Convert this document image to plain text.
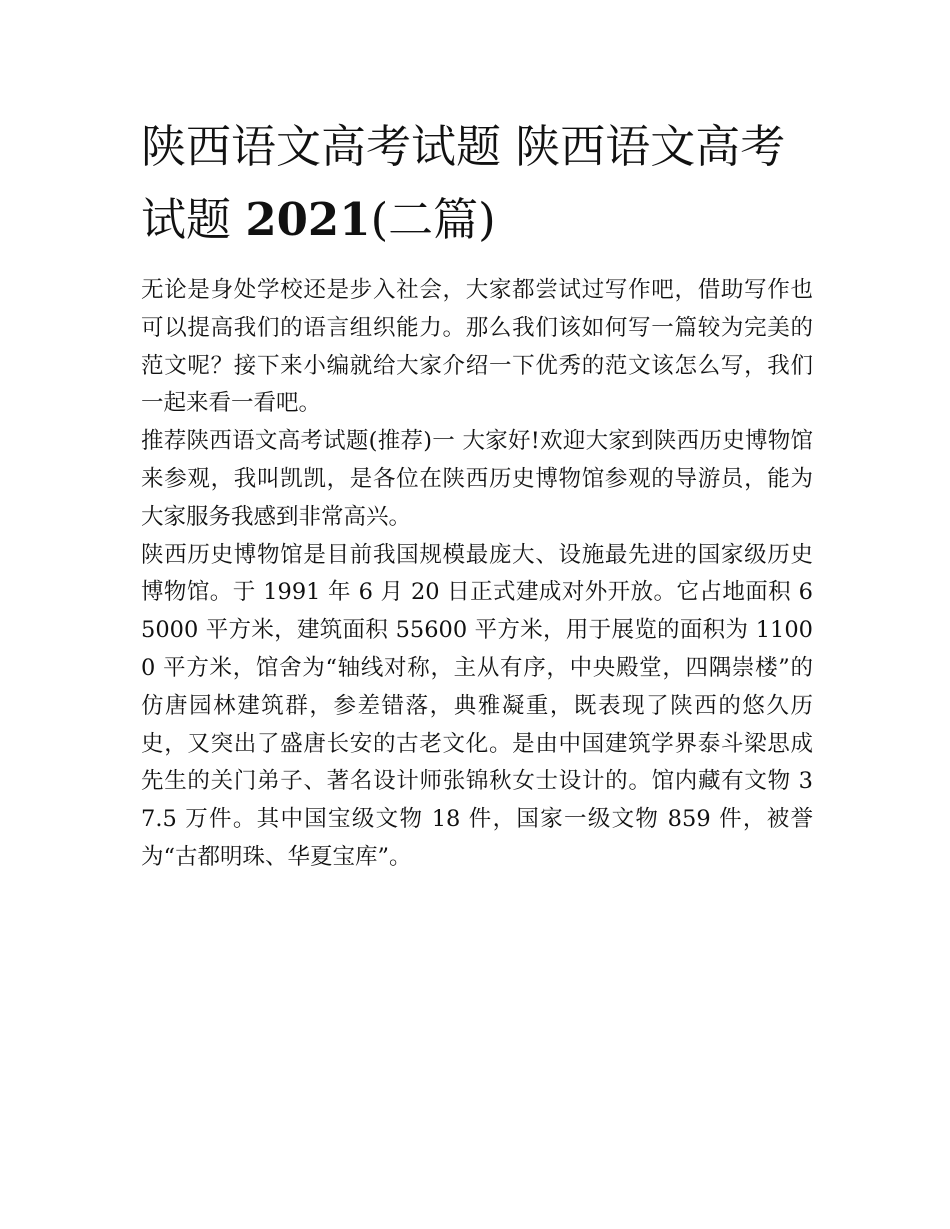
陕西语文高考试题 陕西语文高考试题 2021(二篇)

无论是身处学校还是步入社会，大家都尝试过写作吧，借助写作也可以提高我们的语言组织能力。那么我们该如何写一篇较为完美的范文呢？接下来小编就给大家介绍一下优秀的范文该怎么写，我们一起来看一看吧。

推荐陕西语文高考试题(推荐)一 大家好!欢迎大家到陕西历史博物馆来参观，我叫凯凯，是各位在陕西历史博物馆参观的导游员，能为大家服务我感到非常高兴。

陕西历史博物馆是目前我国规模最庞大、设施最先进的国家级历史博物馆。于 1991 年 6 月 20 日正式建成对外开放。它占地面积 65000 平方米，建筑面积 55600 平方米，用于展览的面积为 11000 平方米，馆舍为“轴线对称，主从有序，中央殿堂，四隅崇楼”的仿唐园林建筑群，参差错落，典雅凝重，既表现了陕西的悠久历史，又突出了盛唐长安的古老文化。是由中国建筑学界泰斗梁思成先生的关门弟子、著名设计师张锦秋女士设计的。馆内藏有文物 37.5 万件。其中国宝级文物 18 件，国家一级文物 859 件，被誉为“古都明珠、华夏宝库”。
